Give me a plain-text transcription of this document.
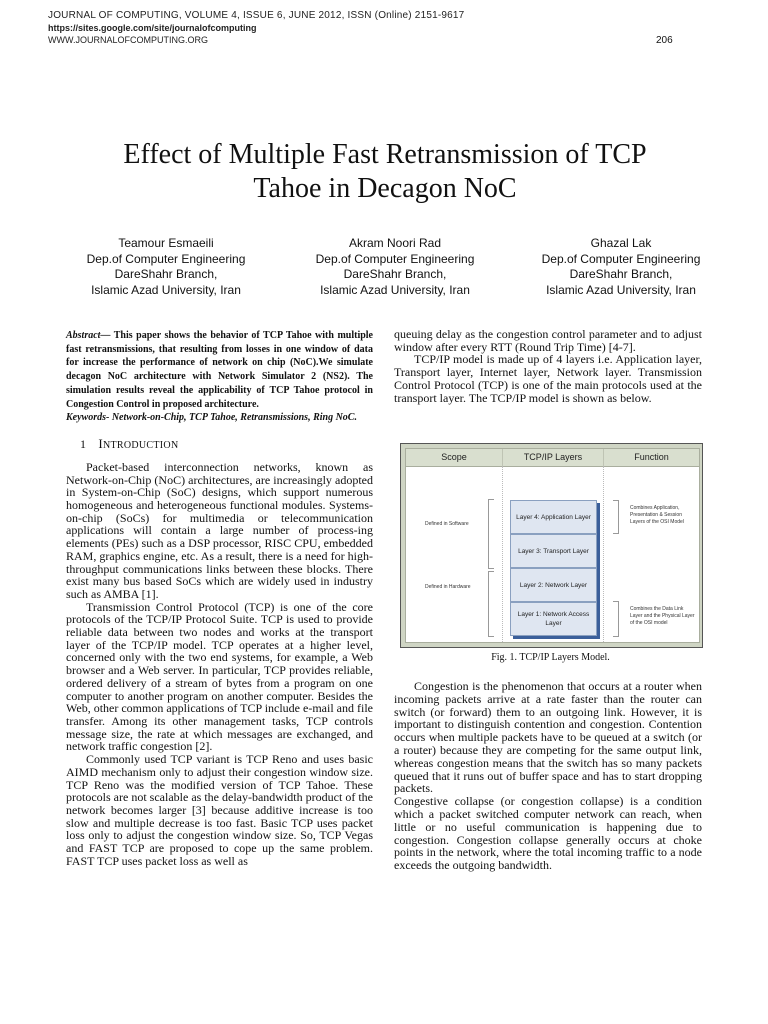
JOURNAL OF COMPUTING, VOLUME 4, ISSUE 6, JUNE 2012, ISSN (Online) 2151-9617
https://sites.google.com/site/journalofcomputing
WWW.JOURNALOFCOMPUTING.ORG	206
Effect of Multiple Fast Retransmission of TCP
Tahoe in Decagon NoC
Teamour Esmaeili
Dep.of Computer Engineering
DareShahr Branch,
Islamic Azad University, Iran
Akram Noori Rad
Dep.of Computer Engineering
DareShahr Branch,
Islamic Azad University, Iran
Ghazal Lak
Dep.of Computer Engineering
DareShahr Branch,
Islamic Azad University, Iran

Abstract— This paper shows the behavior of TCP Tahoe with multiple fast retransmissions, that resulting from losses in one window of data for increase the performance of network on chip (NoC).We simulate decagon NoC architecture with Network Simulator 2 (NS2). The simulation results reveal the applicability of TCP Tahoe protocol in Congestion Control in proposed architecture.

Keywords- Network-on-Chip, TCP Tahoe, Retransmissions, Ring NoC.

1 INTRODUCTION

Packet-based interconnection networks, known as Network-on-Chip (NoC) architectures, are increasingly adopted in System-on-Chip (SoC) designs, which support numerous homogeneous and heterogeneous functional modules. Systems-on-chip (SoCs) for multimedia or telecommunication applications will contain a large number of process-ing elements (PEs) such as a DSP processor, RISC CPU, embedded RAM, graphics engine, etc. As a result, there is a need for high-throughput communications links between these blocks. There exist many bus based SoCs which are widely used in industry such as AMBA [1].

Transmission Control Protocol (TCP) is one of the core protocols of the TCP/IP Protocol Suite. TCP is used to provide reliable data between two nodes and works at the transport layer of the TCP/IP model. TCP operates at a higher level, concerned only with the two end systems, for example, a Web browser and a Web server. In particular, TCP provides reliable, ordered delivery of a stream of bytes from a program on one computer to another program on another computer. Besides the Web, other common applications of TCP include e-mail and file transfer. Among its other management tasks, TCP controls message size, the rate at which messages are exchanged, and network traffic congestion [2].

Commonly used TCP variant is TCP Reno and uses basic AIMD mechanism only to adjust their congestion window size. TCP Reno was the modified version of TCP Tahoe. These protocols are not scalable as the delay-bandwidth product of the network becomes larger [3] because additive increase is too slow and multiple decrease is too fast. Basic TCP uses packet loss only to adjust the congestion window size. So, TCP Vegas and FAST TCP are proposed to cope up the same problem. FAST TCP uses packet loss as well as

queuing delay as the congestion control parameter and to adjust window after every RTT (Round Trip Time) [4-7].

TCP/IP model is made up of 4 layers i.e. Application layer, Transport layer, Internet layer, Network layer. Transmission Control Protocol (TCP) is one of the main protocols used at the transport layer. The TCP/IP model is shown as below.

Scope	TCP/IP Layers	Function
Defined in Software
Defined in Hardware
Layer 4: Application Layer
Layer 3: Transport Layer
Layer 2: Network Layer
Layer 1: Network Access Layer
Combines Application, Presentation & Session Layers of the OSI Model
Combines the Data Link Layer and the Physical Layer of the OSI model
Fig. 1. TCP/IP Layers Model.

Congestion is the phenomenon that occurs at a router when incoming packets arrive at a rate faster than the router can switch (or forward) them to an outgoing link. However, it is important to distinguish contention and congestion. Contention occurs when multiple packets have to be queued at a switch (or a router) because they are competing for the same output link, whereas congestion means that the switch has so many packets queued that it runs out of buffer space and has to start dropping packets.

Congestive collapse (or congestion collapse) is a condition which a packet switched computer network can reach, when little or no useful communication is happening due to congestion. Congestion collapse generally occurs at choke points in the network, where the total incoming traffic to a node exceeds the outgoing bandwidth.
